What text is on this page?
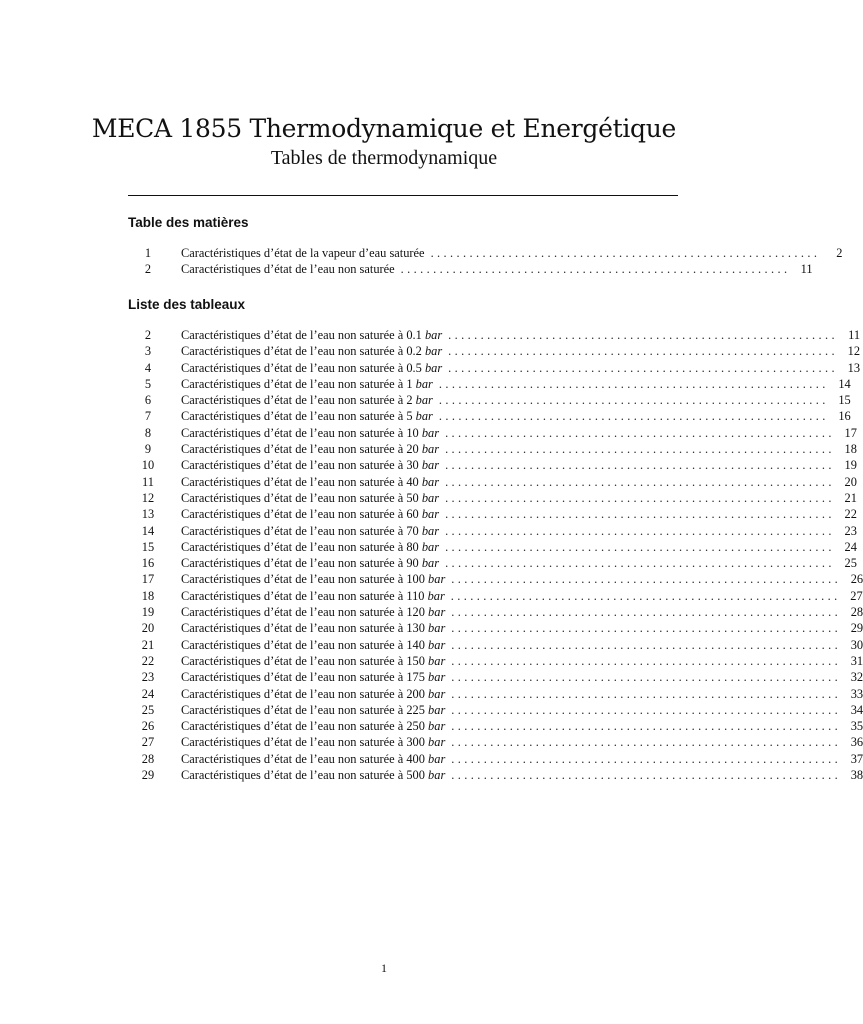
MECA 1855 Thermodynamique et Energétique
Tables de thermodynamique
Table des matières
1	Caractéristiques d’état de la vapeur d’eau saturée ............................................................	2
2	Caractéristiques d’état de l’eau non saturée ............................................................ 11
Liste des tableaux
2	Caractéristiques d’état de l’eau non saturée à 0.1 bar ............................................................ 11
3	Caractéristiques d’état de l’eau non saturée à 0.2 bar ............................................................ 12
4	Caractéristiques d’état de l’eau non saturée à 0.5 bar ............................................................ 13
5	Caractéristiques d’état de l’eau non saturée à 1 bar ............................................................ 14
6	Caractéristiques d’état de l’eau non saturée à 2 bar ............................................................ 15
7	Caractéristiques d’état de l’eau non saturée à 5 bar ............................................................ 16
8	Caractéristiques d’état de l’eau non saturée à 10 bar ............................................................ 17
9	Caractéristiques d’état de l’eau non saturée à 20 bar ............................................................ 18
10	Caractéristiques d’état de l’eau non saturée à 30 bar ............................................................ 19
11	Caractéristiques d’état de l’eau non saturée à 40 bar ............................................................ 20
12	Caractéristiques d’état de l’eau non saturée à 50 bar ............................................................ 21
13	Caractéristiques d’état de l’eau non saturée à 60 bar ............................................................ 22
14	Caractéristiques d’état de l’eau non saturée à 70 bar ............................................................ 23
15	Caractéristiques d’état de l’eau non saturée à 80 bar ............................................................ 24
16	Caractéristiques d’état de l’eau non saturée à 90 bar ............................................................ 25
17	Caractéristiques d’état de l’eau non saturée à 100 bar ............................................................ 26
18	Caractéristiques d’état de l’eau non saturée à 110 bar ............................................................ 27
19	Caractéristiques d’état de l’eau non saturée à 120 bar ............................................................ 28
20	Caractéristiques d’état de l’eau non saturée à 130 bar ............................................................ 29
21	Caractéristiques d’état de l’eau non saturée à 140 bar ............................................................ 30
22	Caractéristiques d’état de l’eau non saturée à 150 bar ............................................................ 31
23	Caractéristiques d’état de l’eau non saturée à 175 bar ............................................................ 32
24	Caractéristiques d’état de l’eau non saturée à 200 bar ............................................................ 33
25	Caractéristiques d’état de l’eau non saturée à 225 bar ............................................................ 34
26	Caractéristiques d’état de l’eau non saturée à 250 bar ............................................................ 35
27	Caractéristiques d’état de l’eau non saturée à 300 bar ............................................................ 36
28	Caractéristiques d’état de l’eau non saturée à 400 bar ............................................................ 37
29	Caractéristiques d’état de l’eau non saturée à 500 bar ............................................................ 38
1
